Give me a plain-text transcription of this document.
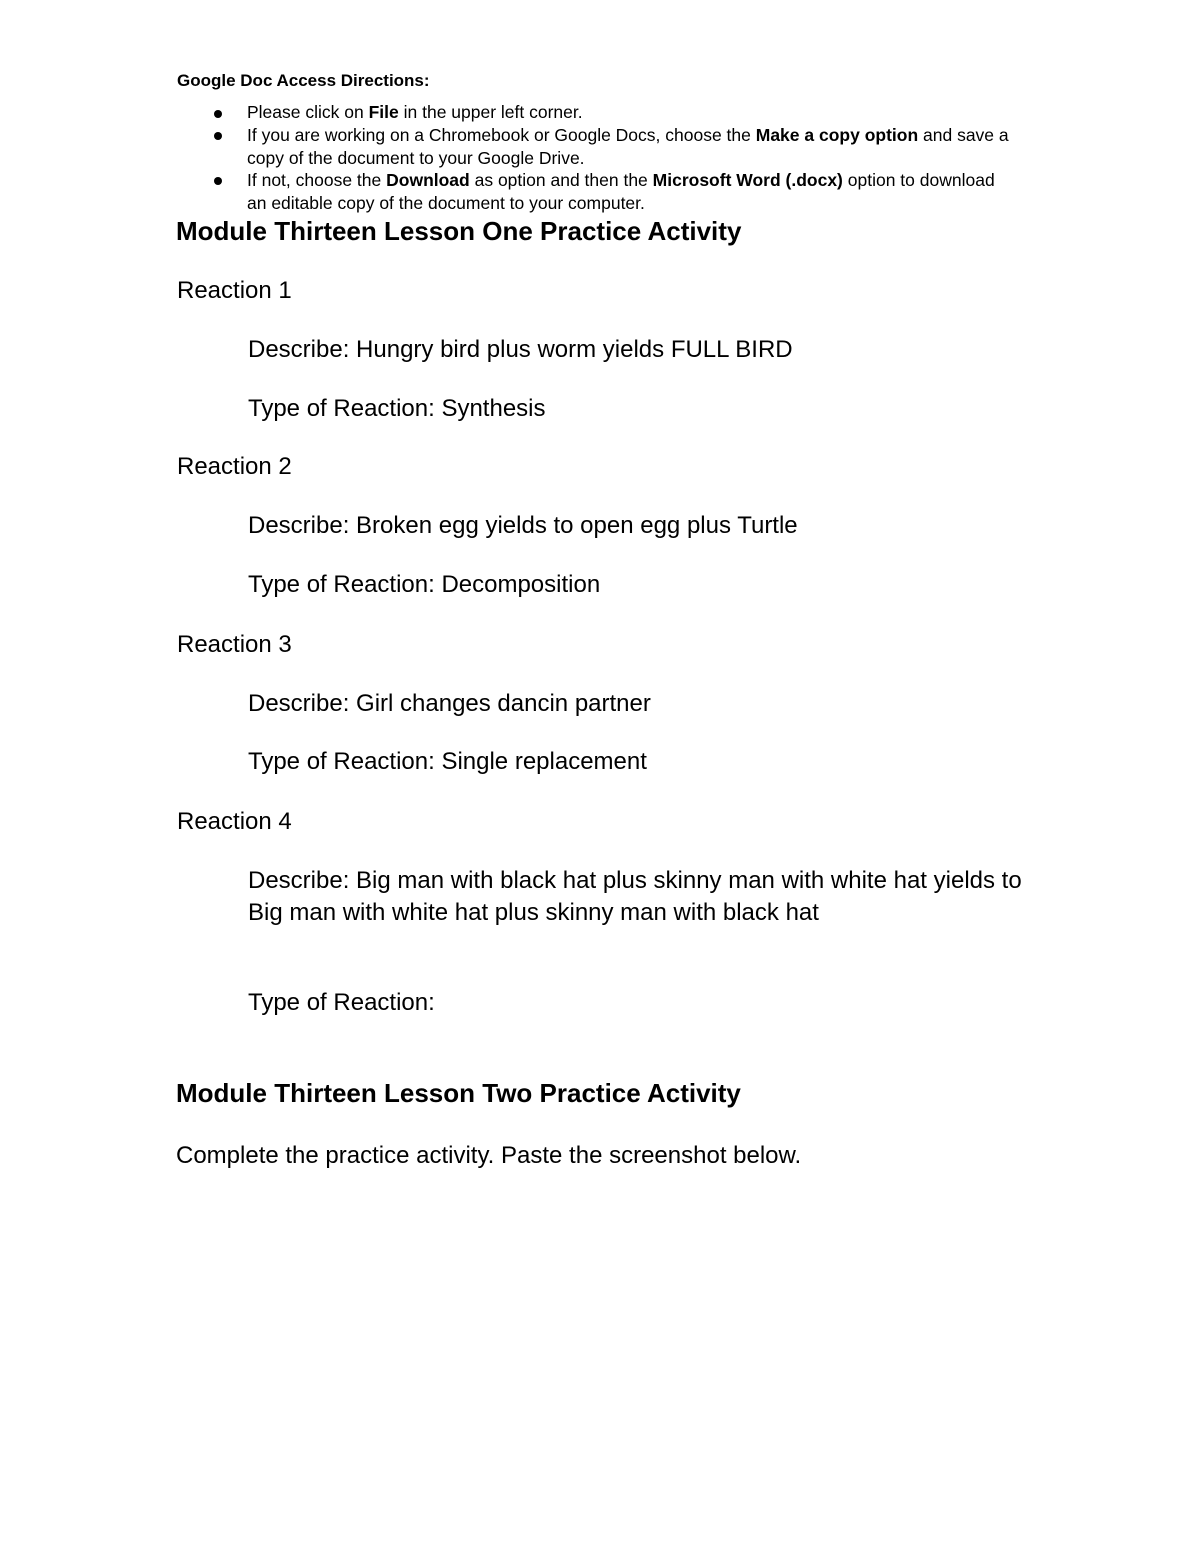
Google Doc Access Directions:
Please click on File in the upper left corner.
If you are working on a Chromebook or Google Docs, choose the Make a copy option and save a copy of the document to your Google Drive.
If not, choose the Download as option and then the Microsoft Word (.docx) option to download an editable copy of the document to your computer.
Module Thirteen Lesson One Practice Activity
Reaction 1
Describe: Hungry bird plus worm yields FULL BIRD
Type of Reaction: Synthesis
Reaction 2
Describe: Broken egg yields to open egg plus Turtle
Type of Reaction: Decomposition
Reaction 3
Describe: Girl changes dancin partner
Type of Reaction: Single replacement
Reaction 4
Describe: Big man with black hat plus skinny man with white hat yields to Big man with white hat plus skinny man with black hat
Type of Reaction:
Module Thirteen Lesson Two Practice Activity
Complete the practice activity. Paste the screenshot below.
